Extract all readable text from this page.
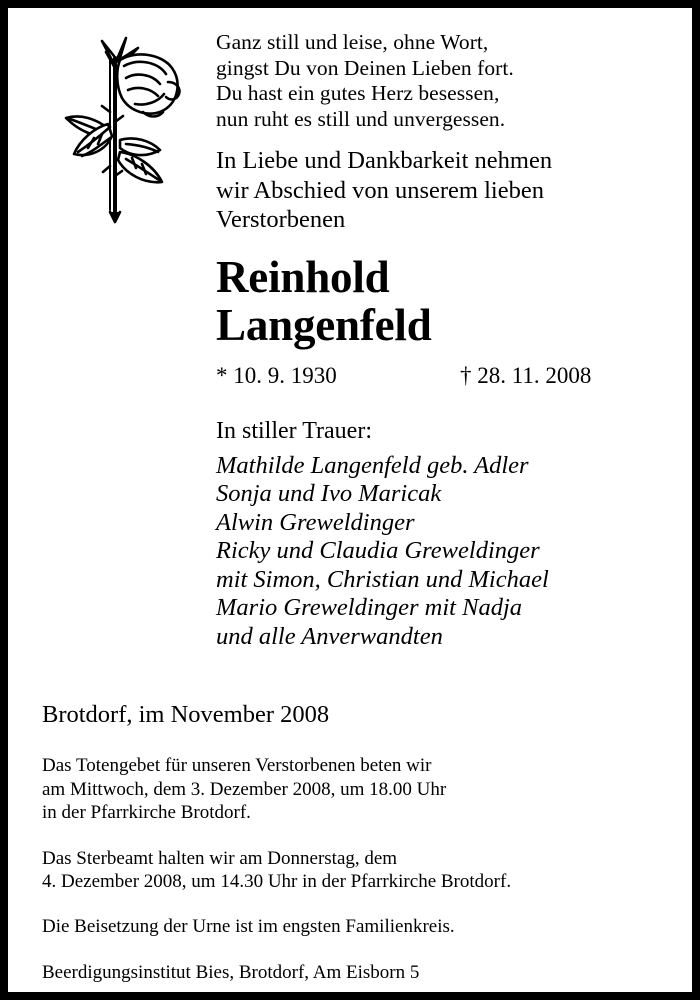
Ganz still und leise, ohne Wort,
gingst Du von Deinen Lieben fort.
Du hast ein gutes Herz besessen,
nun ruht es still und unvergessen.
In Liebe und Dankbarkeit nehmen
wir Abschied von unserem lieben
Verstorbenen
Reinhold
Langenfeld
* 10. 9. 1930	† 28. 11. 2008
In stiller Trauer:
Mathilde Langenfeld geb. Adler
Sonja und Ivo Maricak
Alwin Greweldinger
Ricky und Claudia Greweldinger
mit Simon, Christian und Michael
Mario Greweldinger mit Nadja
und alle Anverwandten
Brotdorf, im November 2008
Das Totengebet für unseren Verstorbenen beten wir
am Mittwoch, dem 3. Dezember 2008, um 18.00 Uhr
in der Pfarrkirche Brotdorf.
Das Sterbeamt halten wir am Donnerstag, dem
4. Dezember 2008, um 14.30 Uhr in der Pfarrkirche Brotdorf.
Die Beisetzung der Urne ist im engsten Familienkreis.
Beerdigungsinstitut Bies, Brotdorf, Am Eisborn 5
